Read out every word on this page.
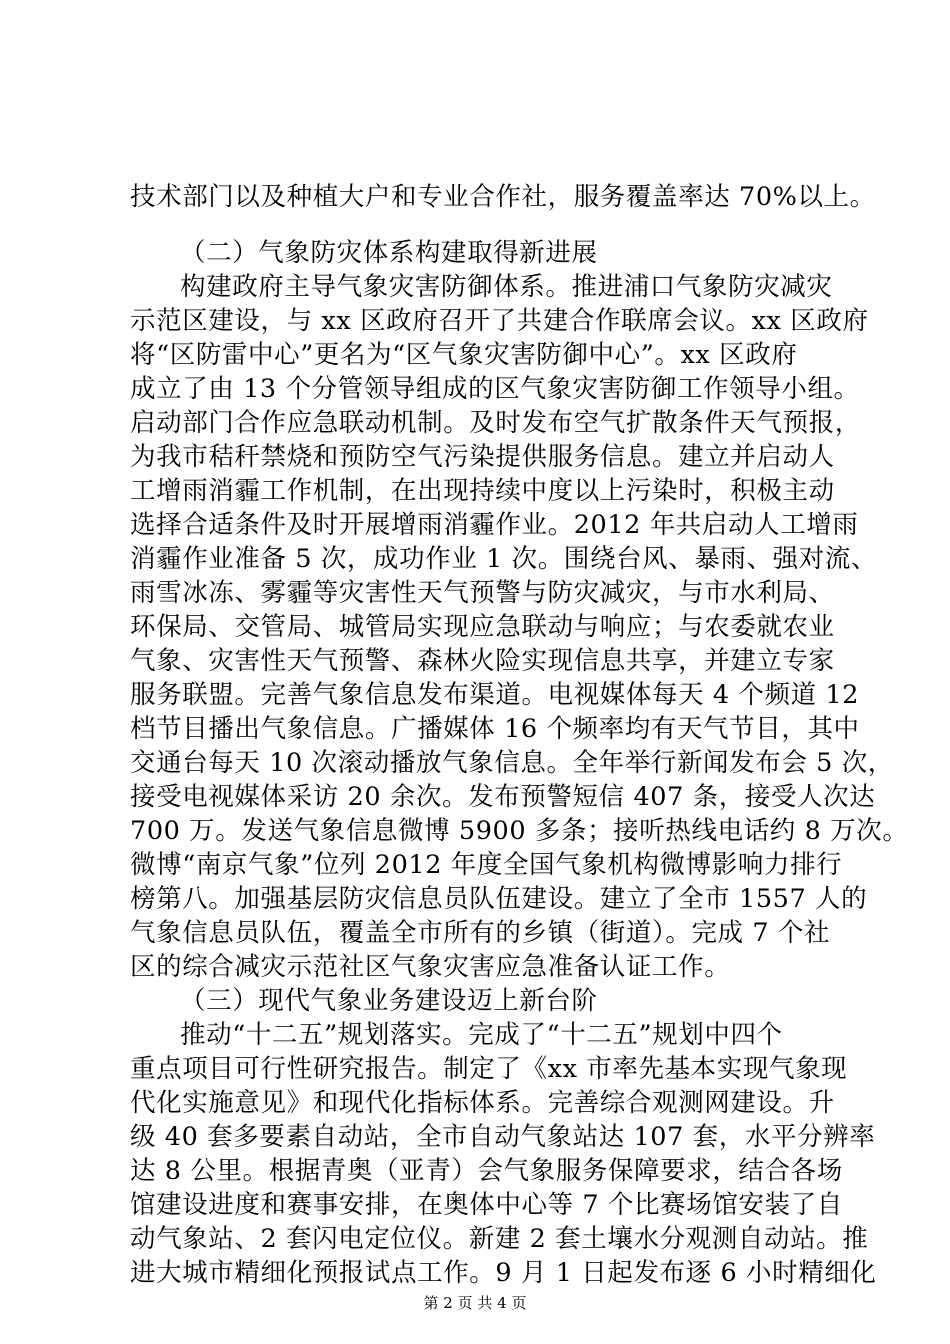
技术部门以及种植大户和专业合作社，服务覆盖率达 70%以上。
（二）气象防灾体系构建取得新进展
构建政府主导气象灾害防御体系。推进浦口气象防灾减灾
示范区建设，与 xx 区政府召开了共建合作联席会议。xx 区政府
将“区防雷中心”更名为“区气象灾害防御中心”。xx 区政府
成立了由 13 个分管领导组成的区气象灾害防御工作领导小组。
启动部门合作应急联动机制。及时发布空气扩散条件天气预报，
为我市秸秆禁烧和预防空气污染提供服务信息。建立并启动人
工增雨消霾工作机制，在出现持续中度以上污染时，积极主动
选择合适条件及时开展增雨消霾作业。2012 年共启动人工增雨
消霾作业准备 5 次，成功作业 1 次。围绕台风、暴雨、强对流、
雨雪冰冻、雾霾等灾害性天气预警与防灾减灾，与市水利局、
环保局、交管局、城管局实现应急联动与响应；与农委就农业
气象、灾害性天气预警、森林火险实现信息共享，并建立专家
服务联盟。完善气象信息发布渠道。电视媒体每天 4 个频道 12
档节目播出气象信息。广播媒体 16 个频率均有天气节目，其中
交通台每天 10 次滚动播放气象信息。全年举行新闻发布会 5 次，
接受电视媒体采访 20 余次。发布预警短信 407 条，接受人次达
700 万。发送气象信息微博 5900 多条；接听热线电话约 8 万次。
微博“南京气象”位列 2012 年度全国气象机构微博影响力排行
榜第八。加强基层防灾信息员队伍建设。建立了全市 1557 人的
气象信息员队伍，覆盖全市所有的乡镇（街道）。完成 7 个社
区的综合减灾示范社区气象灾害应急准备认证工作。
（三）现代气象业务建设迈上新台阶
推动“十二五”规划落实。完成了“十二五”规划中四个
重点项目可行性研究报告。制定了《xx 市率先基本实现气象现
代化实施意见》和现代化指标体系。完善综合观测网建设。升
级 40 套多要素自动站，全市自动气象站达 107 套，水平分辨率
达 8 公里。根据青奥（亚青）会气象服务保障要求，结合各场
馆建设进度和赛事安排，在奥体中心等 7 个比赛场馆安装了自
动气象站、2 套闪电定位仪。新建 2 套土壤水分观测自动站。推
进大城市精细化预报试点工作。9 月 1 日起发布逐 6 小时精细化
第 2 页 共 4 页
